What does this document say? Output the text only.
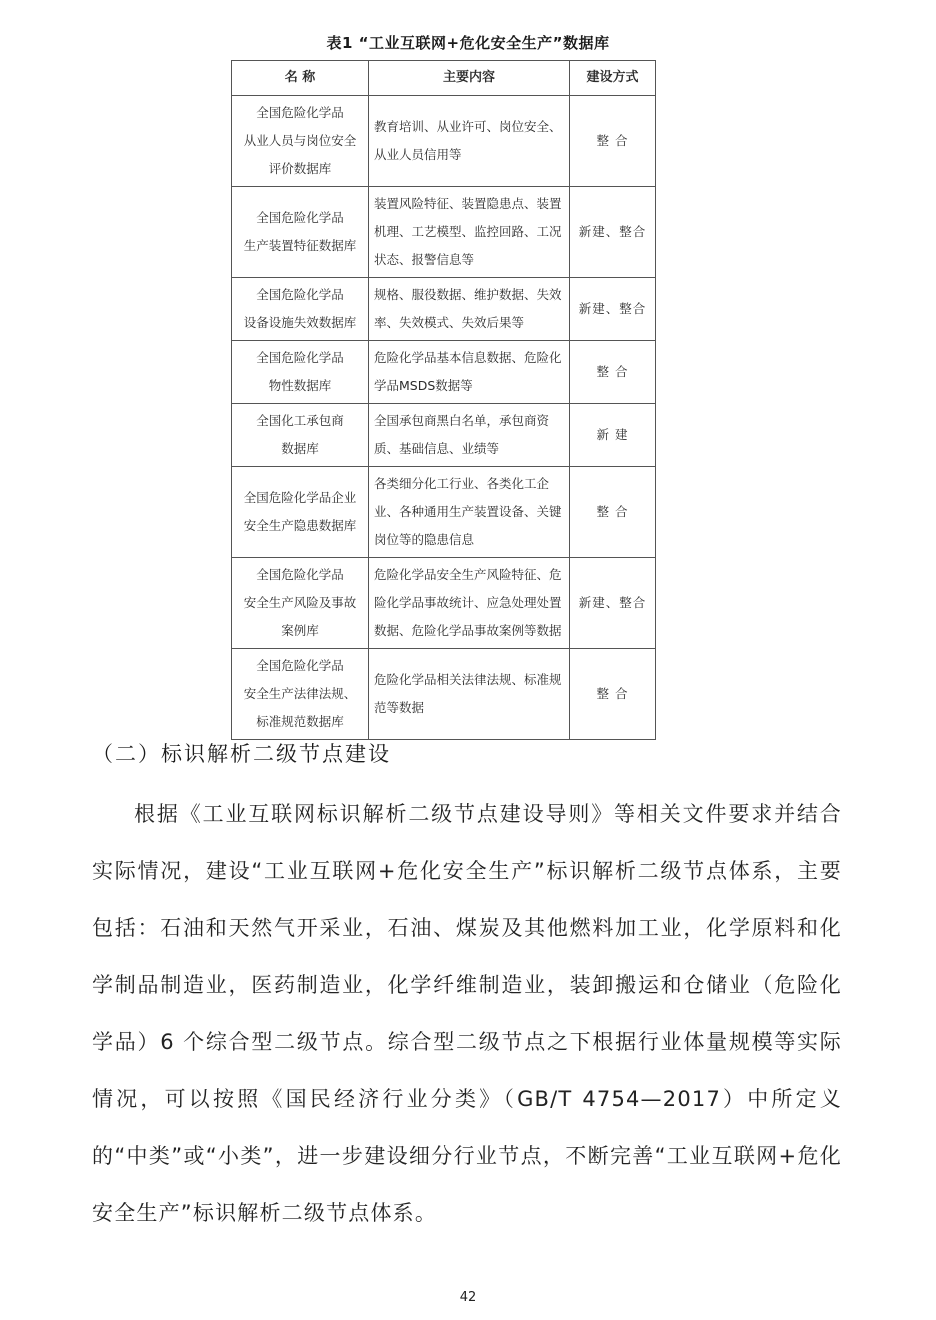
表1 “工业互联网+危化安全生产”数据库
名 称	主要内容	建设方式
全国危险化学品
从业人员与岗位安全
评价数据库	教育培训、从业许可、岗位安全、从业人员信用等	整 合
全国危险化学品
生产装置特征数据库	装置风险特征、装置隐患点、装置机理、工艺模型、监控回路、工况状态、报警信息等	新建、整合
全国危险化学品
设备设施失效数据库	规格、服役数据、维护数据、失效率、失效模式、失效后果等	新建、整合
全国危险化学品
物性数据库	危险化学品基本信息数据、危险化学品MSDS数据等	整 合
全国化工承包商
数据库	全国承包商黑白名单，承包商资质、基础信息、业绩等	新 建
全国危险化学品企业
安全生产隐患数据库	各类细分化工行业、各类化工企业、各种通用生产装置设备、关键岗位等的隐患信息	整 合
全国危险化学品
安全生产风险及事故
案例库	危险化学品安全生产风险特征、危险化学品事故统计、应急处理处置数据、危险化学品事故案例等数据	新建、整合
全国危险化学品
安全生产法律法规、
标准规范数据库	危险化学品相关法律法规、标准规范等数据	整 合
（二）标识解析二级节点建设
根据《工业互联网标识解析二级节点建设导则》等相关文件要求并结合实际情况，建设“工业互联网+危化安全生产”标识解析二级节点体系，主要包括：石油和天然气开采业，石油、煤炭及其他燃料加工业，化学原料和化学制品制造业，医药制造业，化学纤维制造业，装卸搬运和仓储业（危险化学品）6 个综合型二级节点。综合型二级节点之下根据行业体量规模等实际情况，可以按照《国民经济行业分类》（GB/T 4754—2017）中所定义的“中类”或“小类”，进一步建设细分行业节点，不断完善“工业互联网+危化安全生产”标识解析二级节点体系。
42
